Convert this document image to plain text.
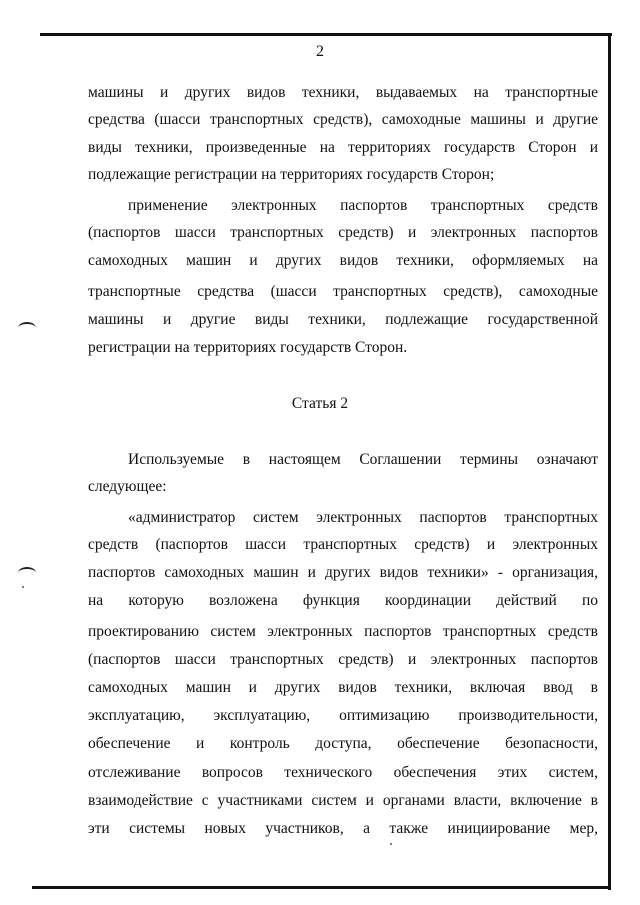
2
машины и других видов техники, выдаваемых на транспортные
средства (шасси транспортных средств), самоходные машины и другие
виды техники, произведенные на территориях государств Сторон и
подлежащие регистрации на территориях государств Сторон;
применение электронных паспортов транспортных средств
(паспортов шасси транспортных средств) и электронных паспортов
самоходных машин и других видов техники, оформляемых на
транспортные средства (шасси транспортных средств), самоходные
машины и другие виды техники, подлежащие государственной
регистрации на территориях государств Сторон.
Статья 2
Используемые в настоящем Соглашении термины означают
следующее:
«администратор систем электронных паспортов транспортных
средств (паспортов шасси транспортных средств) и электронных
паспортов самоходных машин и других видов техники» - организация,
на которую возложена функция координации действий по
проектированию систем электронных паспортов транспортных средств
(паспортов шасси транспортных средств) и электронных паспортов
самоходных машин и других видов техники, включая ввод в
эксплуатацию, эксплуатацию, оптимизацию производительности,
обеспечение и контроль доступа, обеспечение безопасности,
отслеживание вопросов технического обеспечения этих систем,
взаимодействие с участниками систем и органами власти, включение в
эти системы новых участников, а также инициирование мер,
